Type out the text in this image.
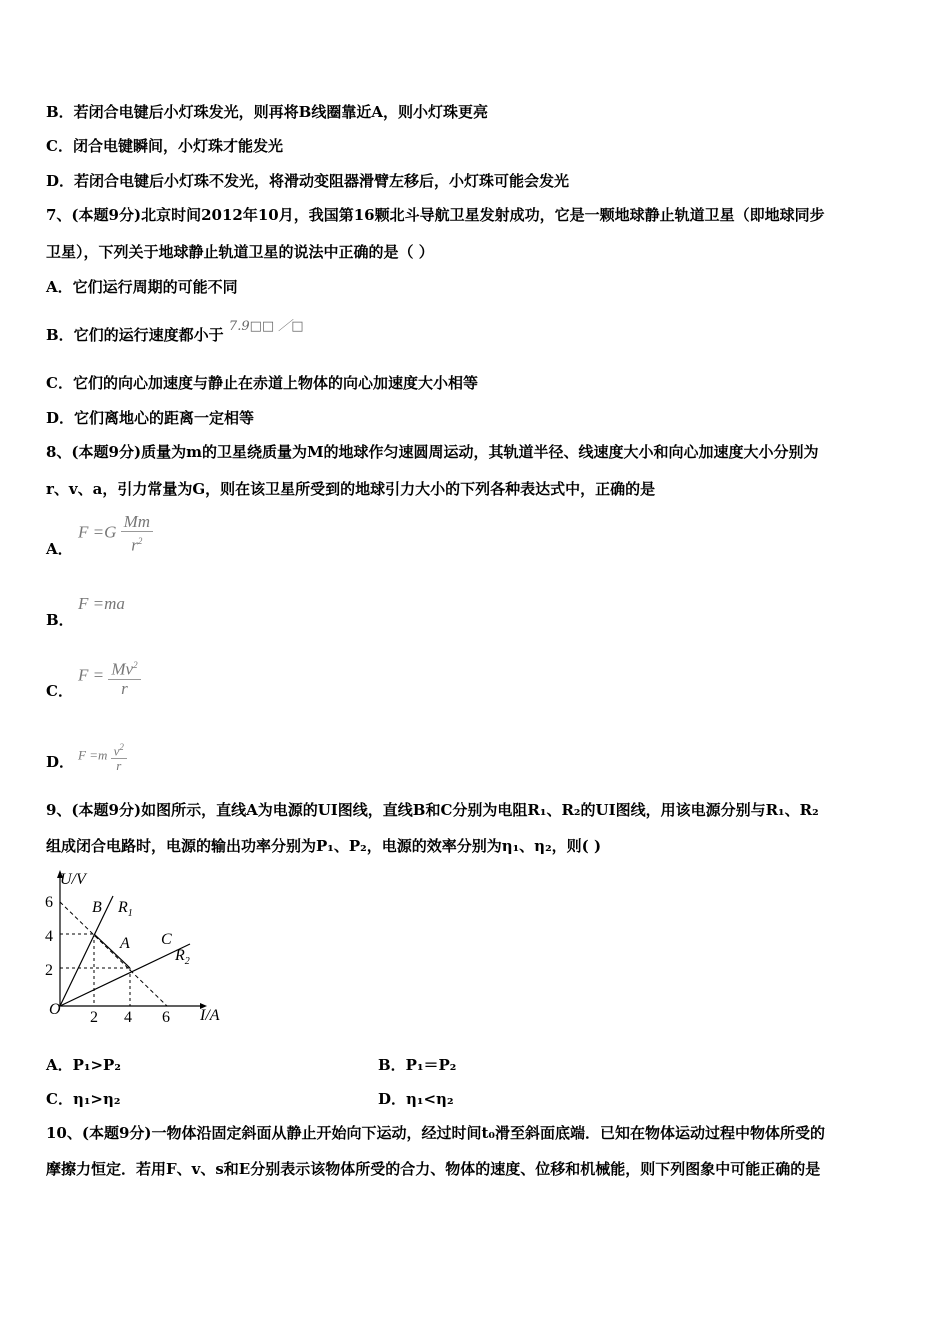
B．若闭合电键后小灯珠发光，则再将B线圈靠近A，则小灯珠更亮
C．闭合电键瞬间，小灯珠才能发光
D．若闭合电键后小灯珠不发光，将滑动变阻器滑臂左移后，小灯珠可能会发光
7、(本题9分)北京时间2012年10月，我国第16颗北斗导航卫星发射成功，它是一颗地球静止轨道卫星（即地球同步
卫星），下列关于地球静止轨道卫星的说法中正确的是（ ）
A．它们运行周期的可能不同
B．它们的运行速度都小于 7.9□□ ／□
C．它们的向心加速度与静止在赤道上物体的向心加速度大小相等
D．它们离地心的距离一定相等
8、(本题9分)质量为m的卫星绕质量为M的地球作匀速圆周运动，其轨道半径、线速度大小和向心加速度大小分别为
r、v、a，引力常量为G，则在该卫星所受到的地球引力大小的下列各种表达式中，正确的是
A．
$F =G \frac{Mm}{r^2}$
B．
F =ma
C．
$F = \frac{Mv^2}{r}$
D． $F =m \frac{v^2}{r}$
9、(本题9分)如图所示，直线A为电源的UI图线，直线B和C分别为电阻R₁、R₂的UI图线，用该电源分别与R₁、R₂
组成闭合电路时，电源的输出功率分别为P₁、P₂，电源的效率分别为η₁、η₂，则( )
U/V
I/A
O
6
4
2
2 4 6
B $R_1$
A C
$R_2$
A．P₁>P₂	B．P₁＝P₂
C．η₁>η₂	D．η₁<η₂
10、(本题9分)一物体沿固定斜面从静止开始向下运动，经过时间t₀滑至斜面底端．已知在物体运动过程中物体所受的
摩擦力恒定．若用F、v、s和E分别表示该物体所受的合力、物体的速度、位移和机械能，则下列图象中可能正确的是
